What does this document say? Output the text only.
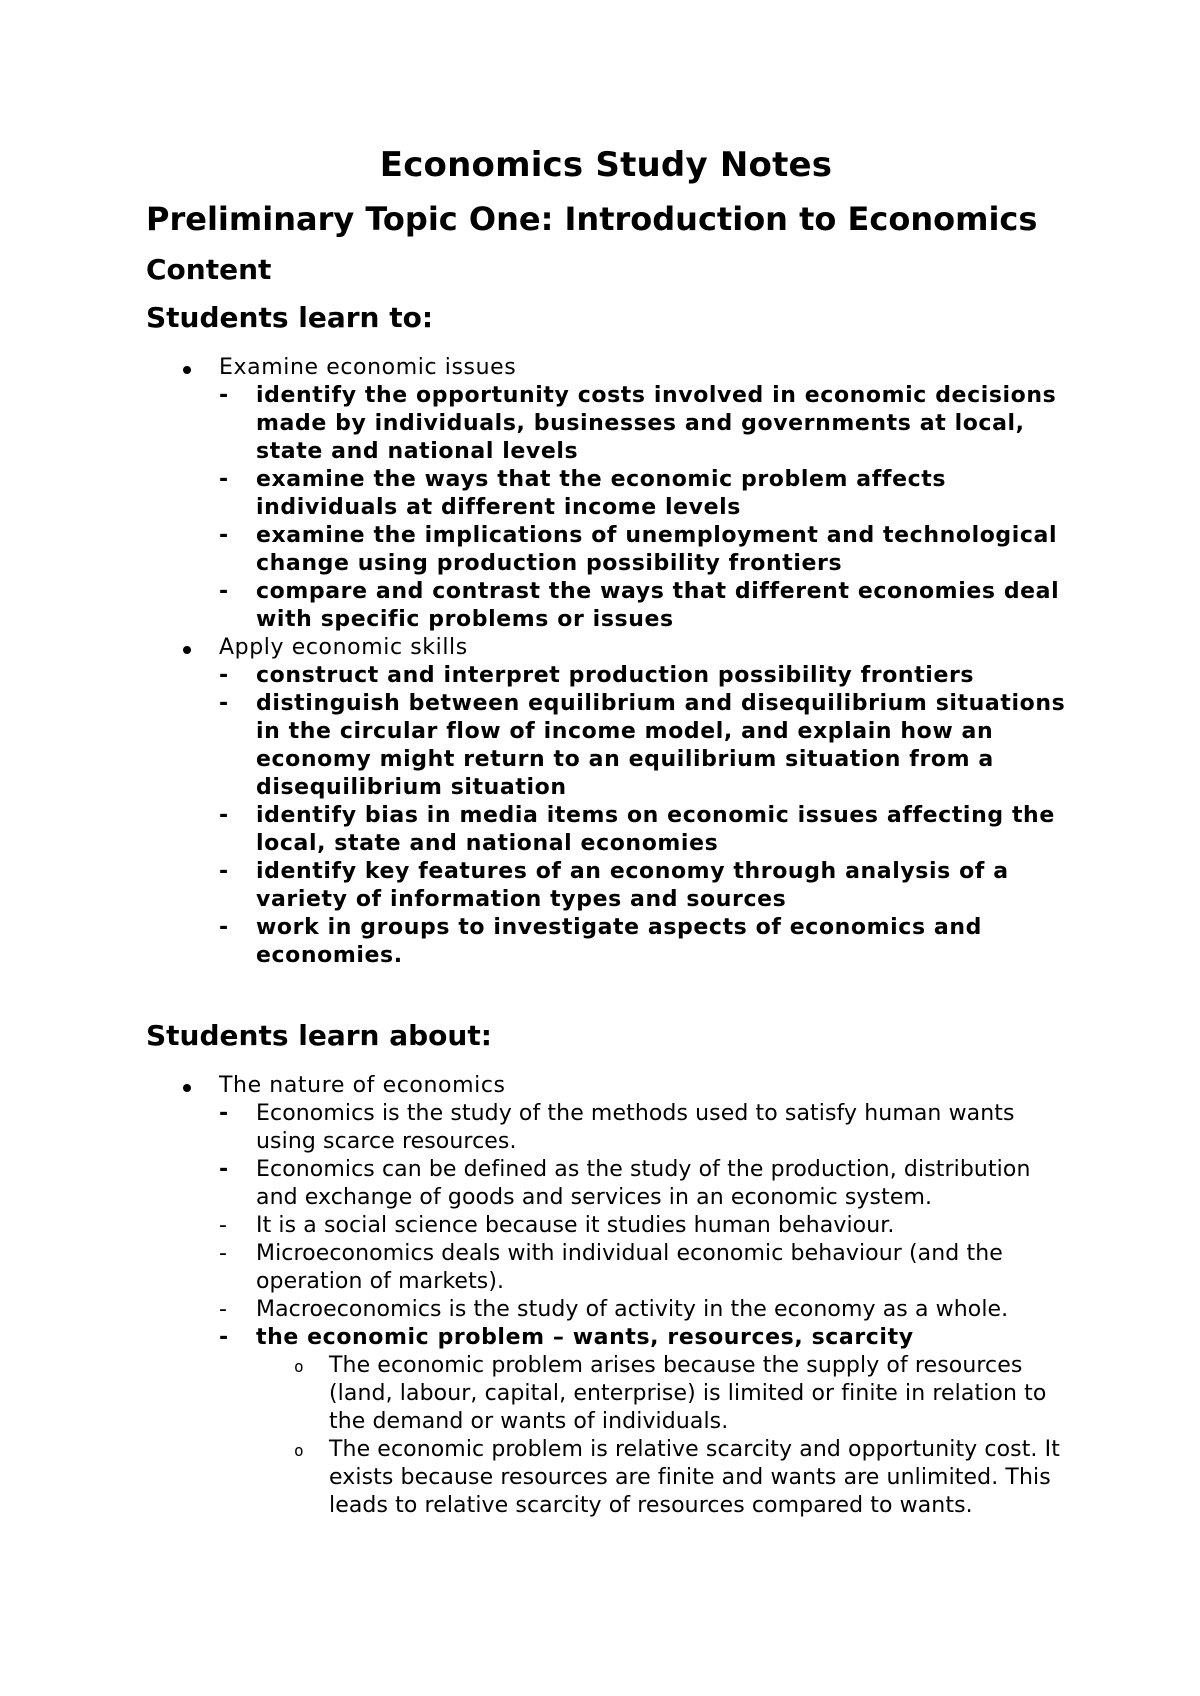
Economics Study Notes
Preliminary Topic One: Introduction to Economics
Content
Students learn to:
Examine economic issues
- identify the opportunity costs involved in economic decisions made by individuals, businesses and governments at local, state and national levels
- examine the ways that the economic problem affects individuals at different income levels
- examine the implications of unemployment and technological change using production possibility frontiers
- compare and contrast the ways that different economies deal with specific problems or issues
Apply economic skills
- construct and interpret production possibility frontiers
- distinguish between equilibrium and disequilibrium situations in the circular flow of income model, and explain how an economy might return to an equilibrium situation from a disequilibrium situation
- identify bias in media items on economic issues affecting the local, state and national economies
- identify key features of an economy through analysis of a variety of information types and sources
- work in groups to investigate aspects of economics and economies.
Students learn about:
The nature of economics
- Economics is the study of the methods used to satisfy human wants using scarce resources.
- Economics can be defined as the study of the production, distribution and exchange of goods and services in an economic system.
- It is a social science because it studies human behaviour.
- Microeconomics deals with individual economic behaviour (and the operation of markets).
- Macroeconomics is the study of activity in the economy as a whole.
- the economic problem – wants, resources, scarcity
o The economic problem arises because the supply of resources (land, labour, capital, enterprise) is limited or finite in relation to the demand or wants of individuals.
o The economic problem is relative scarcity and opportunity cost. It exists because resources are finite and wants are unlimited. This leads to relative scarcity of resources compared to wants.
